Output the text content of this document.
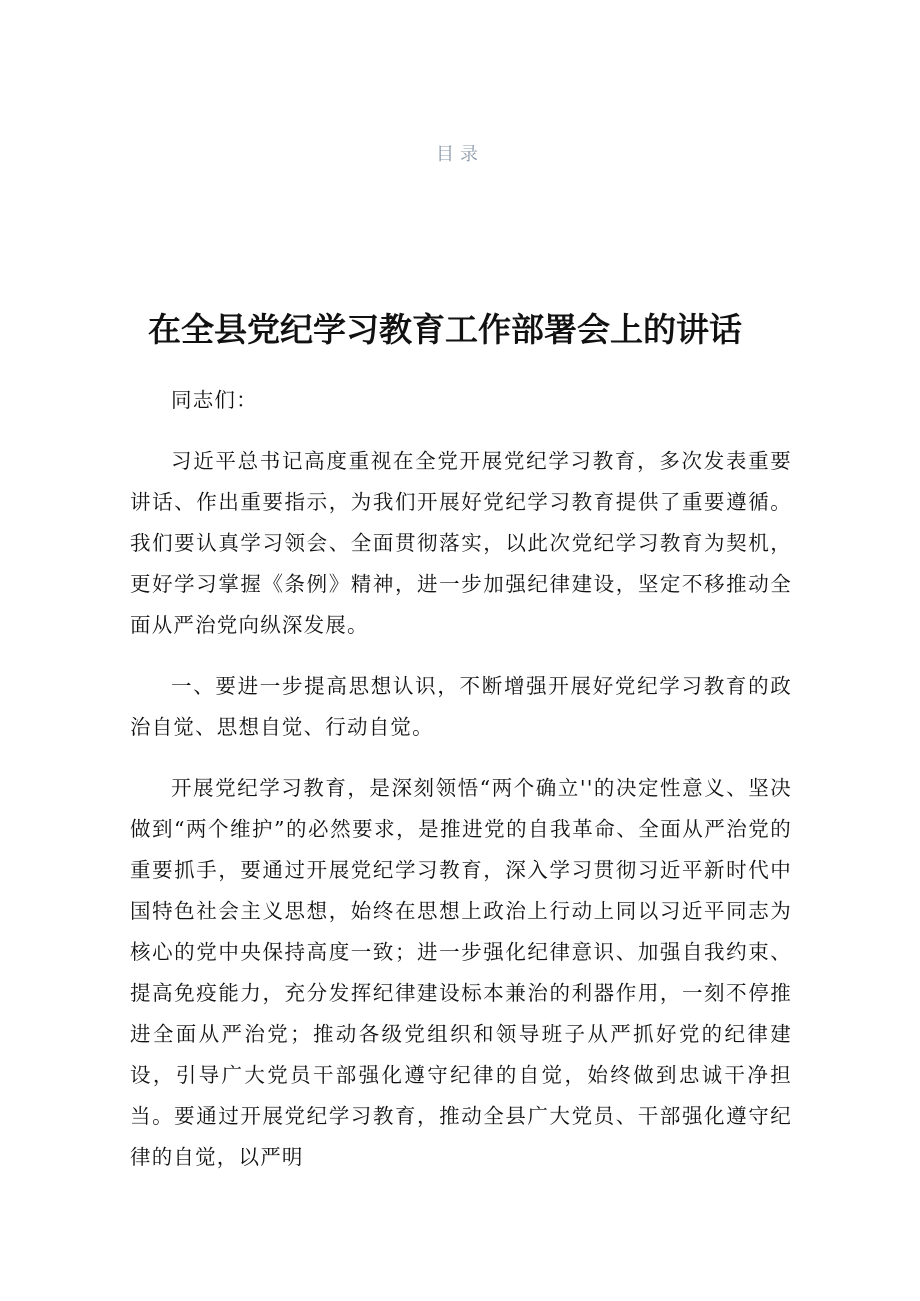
目录
在全县党纪学习教育工作部署会上的讲话

同志们：

习近平总书记高度重视在全党开展党纪学习教育，多次发表重要讲话、作出重要指示，为我们开展好党纪学习教育提供了重要遵循。我们要认真学习领会、全面贯彻落实，以此次党纪学习教育为契机，更好学习掌握《条例》精神，进一步加强纪律建设，坚定不移推动全面从严治党向纵深发展。

一、要进一步提高思想认识，不断增强开展好党纪学习教育的政治自觉、思想自觉、行动自觉。

开展党纪学习教育，是深刻领悟“两个确立''的决定性意义、坚决做到“两个维护”的必然要求，是推进党的自我革命、全面从严治党的重要抓手，要通过开展党纪学习教育，深入学习贯彻习近平新时代中国特色社会主义思想，始终在思想上政治上行动上同以习近平同志为核心的党中央保持高度一致；进一步强化纪律意识、加强自我约束、提高免疫能力，充分发挥纪律建设标本兼治的利器作用，一刻不停推进全面从严治党；推动各级党组织和领导班子从严抓好党的纪律建设，引导广大党员干部强化遵守纪律的自觉，始终做到忠诚干净担当。要通过开展党纪学习教育，推动全县广大党员、干部强化遵守纪律的自觉，以严明
